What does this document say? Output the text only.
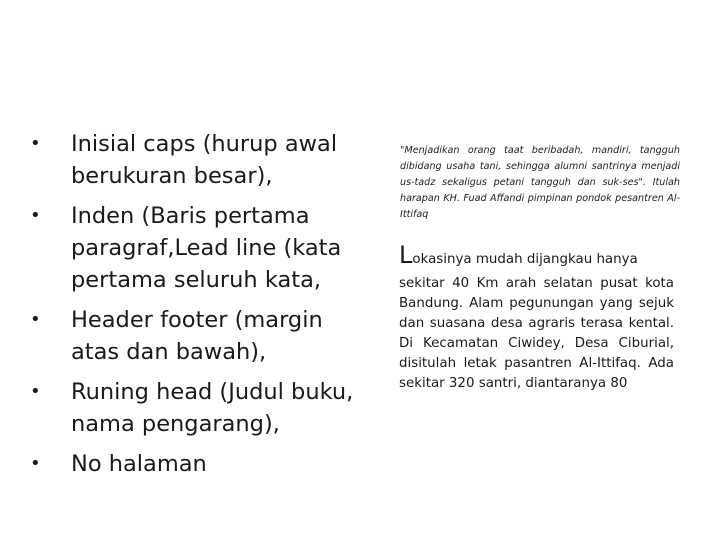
• Inisial caps (hurup awal berukuran besar),
• Inden (Baris pertama paragraf,Lead line (kata pertama seluruh kata,
• Header footer (margin atas dan bawah),
• Runing head (Judul buku, nama pengarang),
• No halaman
"Menjadikan orang taat beribadah, mandiri, tangguh dibidang usaha tani, sehingga alumni santrinya menjadi us-tadz sekaligus petani tangguh dan suk-ses". Itulah harapan KH. Fuad Affandi pimpinan pondok pesantren Al-Ittifaq
Lokasinya mudah dijangkau hanya
sekitar 40 Km arah selatan pusat kota Bandung. Alam pegunungan yang sejuk dan suasana desa agraris terasa kental. Di Kecamatan Ciwidey, Desa Ciburial, disitulah letak pasantren Al-Ittifaq. Ada sekitar 320 santri, diantaranya 80
